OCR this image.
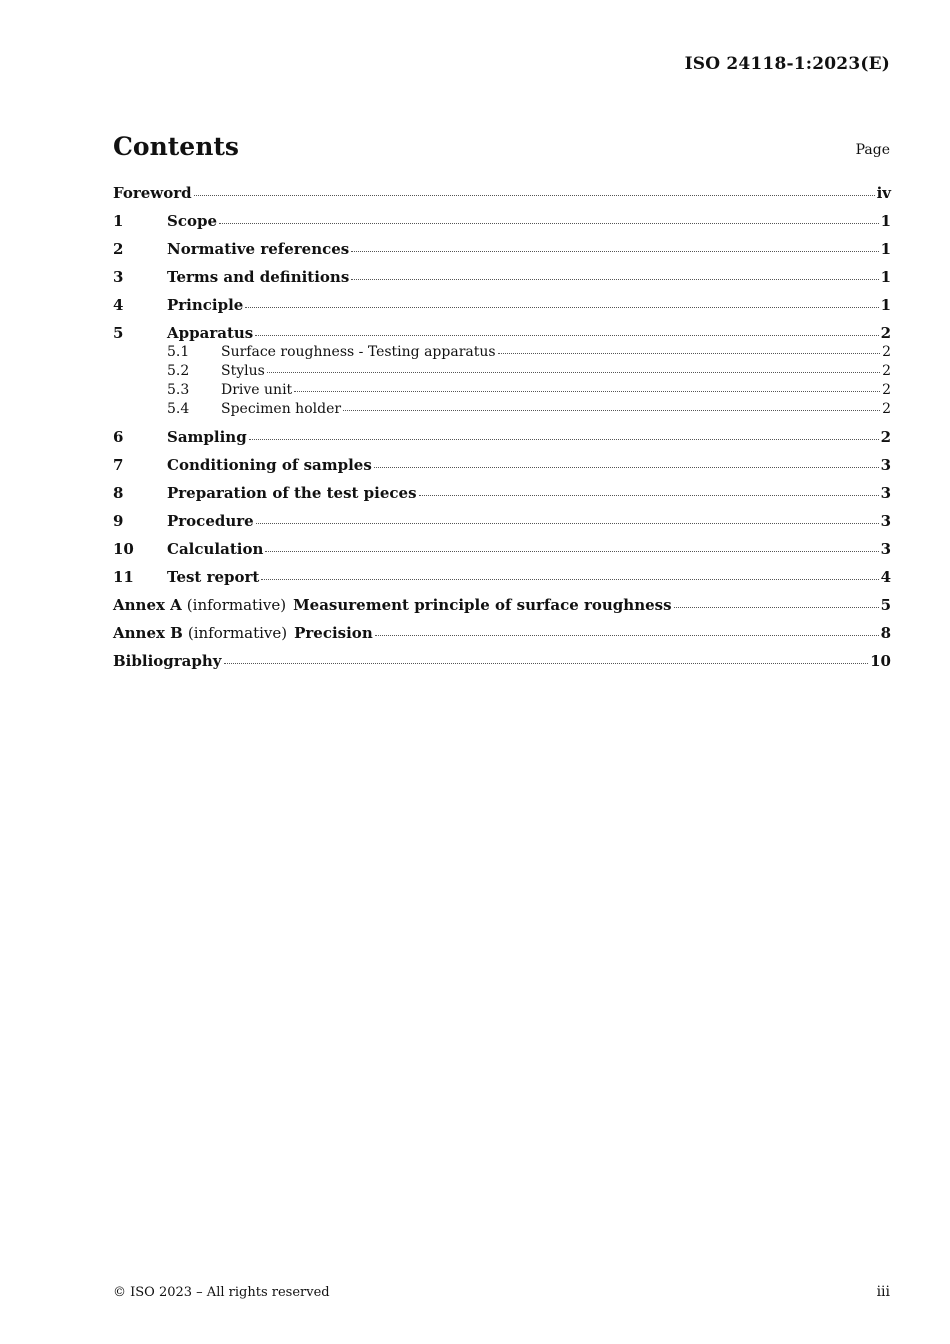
ISO 24118-1:2023(E)
Contents	Page
Foreword	iv
1	Scope	1
2	Normative references	1
3	Terms and definitions	1
4	Principle	1
5	Apparatus	2
5.1	Surface roughness - Testing apparatus	2
5.2	Stylus	2
5.3	Drive unit	2
5.4	Specimen holder	2
6	Sampling	2
7	Conditioning of samples	3
8	Preparation of the test pieces	3
9	Procedure	3
10	Calculation	3
11	Test report	4
Annex A (informative) Measurement principle of surface roughness	5
Annex B (informative) Precision	8
Bibliography	10
© ISO 2023 – All rights reserved	iii
